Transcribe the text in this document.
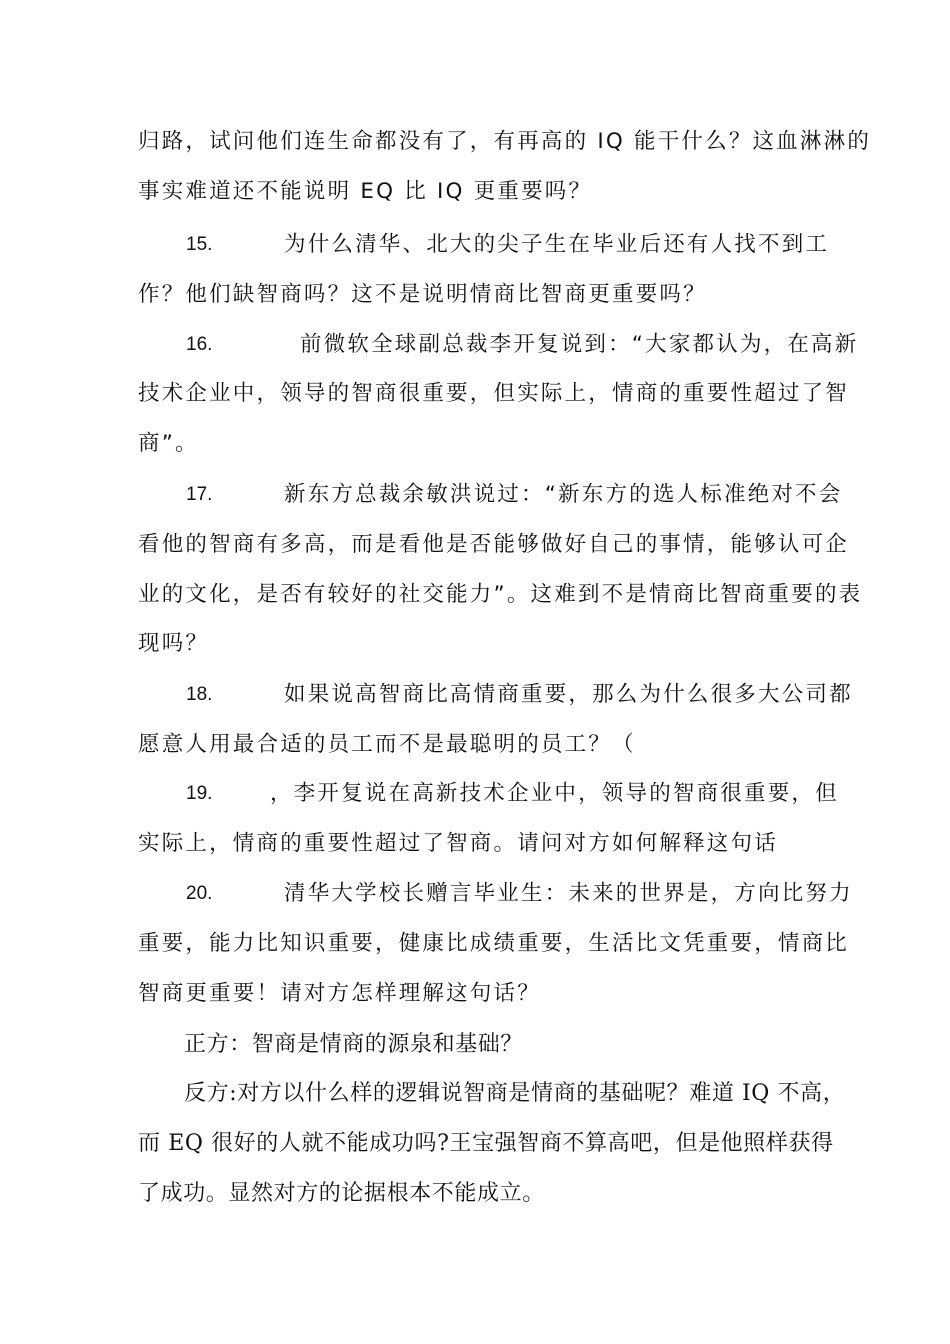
归路，试问他们连生命都没有了，有再高的 IQ 能干什么？这血淋淋的
事实难道还不能说明 EQ 比 IQ 更重要吗？
15.	为什么清华、北大的尖子生在毕业后还有人找不到工
作？他们缺智商吗？这不是说明情商比智商更重要吗？
16.	前微软全球副总裁李开复说到：“大家都认为，在高新
技术企业中，领导的智商很重要，但实际上，情商的重要性超过了智
商”。
17.	新东方总裁余敏洪说过：“新东方的选人标准绝对不会
看他的智商有多高，而是看他是否能够做好自己的事情，能够认可企
业的文化，是否有较好的社交能力”。这难到不是情商比智商重要的表
现吗？
18.	如果说高智商比高情商重要，那么为什么很多大公司都
愿意人用最合适的员工而不是最聪明的员工？（
19.	，李开复说在高新技术企业中，领导的智商很重要，但
实际上，情商的重要性超过了智商。请问对方如何解释这句话
20.	清华大学校长赠言毕业生：未来的世界是，方向比努力
重要，能力比知识重要，健康比成绩重要，生活比文凭重要，情商比
智商更重要！请对方怎样理解这句话？
正方：智商是情商的源泉和基础？
反方:对方以什么样的逻辑说智商是情商的基础呢？难道 IQ 不高，
而 EQ 很好的人就不能成功吗?王宝强智商不算高吧，但是他照样获得
了成功。显然对方的论据根本不能成立。
